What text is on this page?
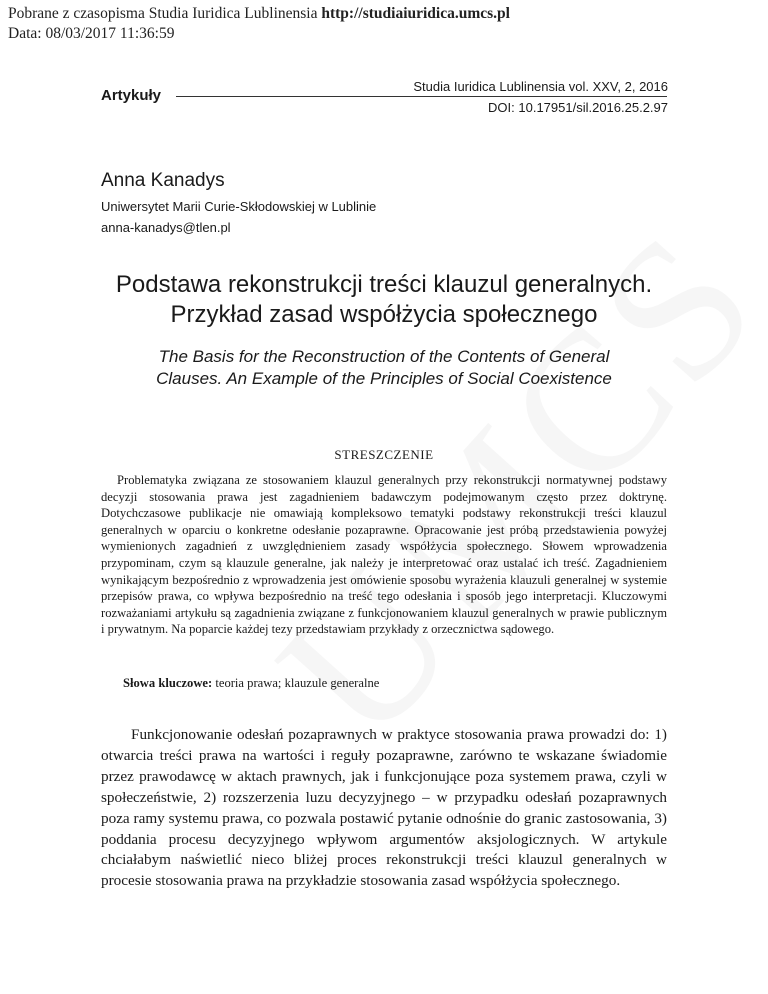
Pobrane z czasopisma Studia Iuridica Lublinensia http://studiaiuridica.umcs.pl
Data: 08/03/2017 11:36:59
Artykuły
Studia Iuridica Lublinensia vol. XXV, 2, 2016
DOI: 10.17951/sil.2016.25.2.97
Anna Kanadys
Uniwersytet Marii Curie-Skłodowskiej w Lublinie
anna-kanadys@tlen.pl
Podstawa rekonstrukcji treści klauzul generalnych.
Przykład zasad współżycia społecznego
The Basis for the Reconstruction of the Contents of General
Clauses. An Example of the Principles of Social Coexistence
STRESZCZENIE

Problematyka związana ze stosowaniem klauzul generalnych przy rekonstrukcji normatywnej podstawy decyzji stosowania prawa jest zagadnieniem badawczym podejmowanym często przez doktrynę. Dotychczasowe publikacje nie omawiają kompleksowo tematyki podstawy rekonstrukcji treści klauzul generalnych w oparciu o konkretne odesłanie pozaprawne. Opracowanie jest próbą przedstawienia powyżej wymienionych zagadnień z uwzględnieniem zasady współżycia społecznego. Słowem wprowadzenia przypominam, czym są klauzule generalne, jak należy je interpretować oraz ustalać ich treść. Zagadnieniem wynikającym bezpośrednio z wprowadzenia jest omówienie sposobu wyrażenia klauzuli generalnej w systemie przepisów prawa, co wpływa bezpośrednio na treść tego odesłania i sposób jego interpretacji. Kluczowymi rozważaniami artykułu są zagadnienia związane z funkcjonowaniem klauzul generalnych w prawie publicznym i prywatnym. Na poparcie każdej tezy przedstawiam przykłady z orzecznictwa sądowego.

Słowa kluczowe: teoria prawa; klauzule generalne

Funkcjonowanie odesłań pozaprawnych w praktyce stosowania prawa prowadzi do: 1) otwarcia treści prawa na wartości i reguły pozaprawne, zarówno te wskazane świadomie przez prawodawcę w aktach prawnych, jak i funkcjonujące poza systemem prawa, czyli w społeczeństwie, 2) rozszerzenia luzu decyzyjnego – w przypadku odesłań pozaprawnych poza ramy systemu prawa, co pozwala postawić pytanie odnośnie do granic zastosowania, 3) poddania procesu decyzyjnego wpływom argumentów aksjologicznych. W artykule chciałabym naświetlić nieco bliżej proces rekonstrukcji treści klauzul generalnych w procesie stosowania prawa na przykładzie stosowania zasad współżycia społecznego.
